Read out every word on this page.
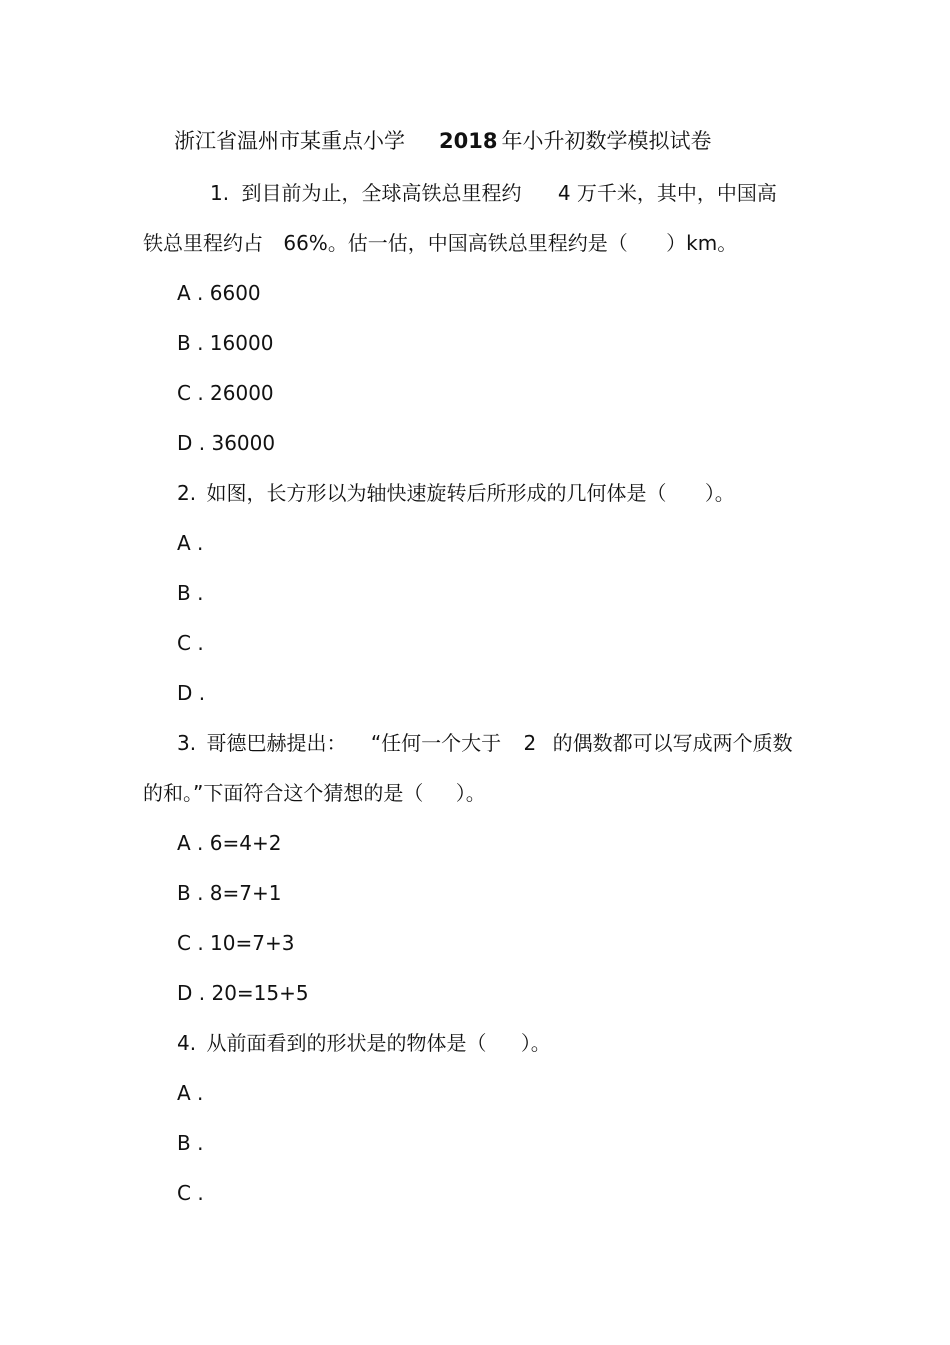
浙江省温州市某重点小学 2018 年小升初数学模拟试卷
1. 到目前为止，全球高铁总里程约 4 万千米，其中，中国高
铁总里程约占 66%。估一估，中国高铁总里程约是（ ）km。
A . 6600
B . 16000
C . 26000
D . 36000
2. 如图，长方形以为轴快速旋转后所形成的几何体是（ ）。
A .
B .
C .
D .
3. 哥德巴赫提出： “任何一个大于 2 的偶数都可以写成两个质数
的和。”下面符合这个猜想的是（ ）。
A . 6=4+2
B . 8=7+1
C . 10=7+3
D . 20=15+5
4. 从前面看到的形状是的物体是（ ）。
A .
B .
C .
